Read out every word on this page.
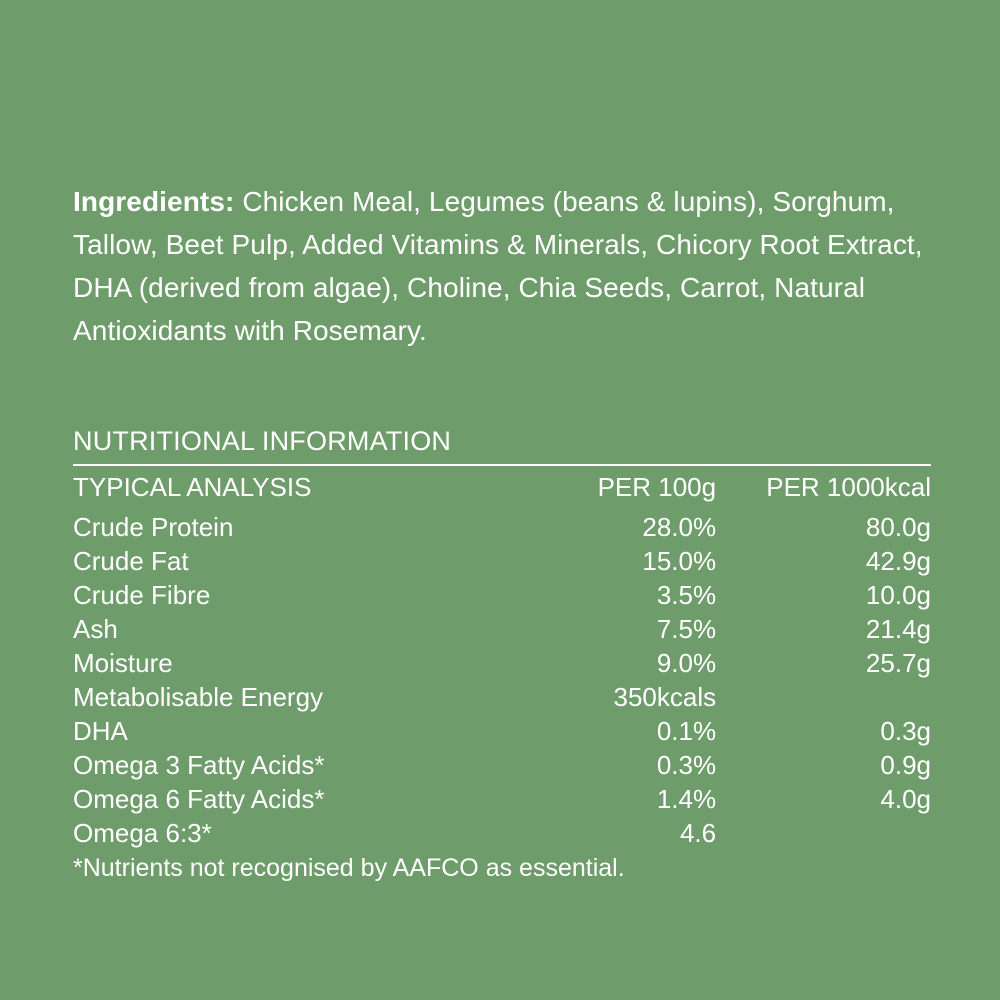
Ingredients: Chicken Meal, Legumes (beans & lupins), Sorghum, Tallow, Beet Pulp, Added Vitamins & Minerals, Chicory Root Extract, DHA (derived from algae), Choline, Chia Seeds, Carrot, Natural Antioxidants with Rosemary.

NUTRITIONAL INFORMATION
TYPICAL ANALYSIS	PER 100g	PER 1000kcal
Crude Protein	28.0%	80.0g
Crude Fat	15.0%	42.9g
Crude Fibre	3.5%	10.0g
Ash	7.5%	21.4g
Moisture	9.0%	25.7g
Metabolisable Energy	350kcals	
DHA	0.1%	0.3g
Omega 3 Fatty Acids*	0.3%	0.9g
Omega 6 Fatty Acids*	1.4%	4.0g
Omega 6:3*	4.6	
*Nutrients not recognised by AAFCO as essential.
